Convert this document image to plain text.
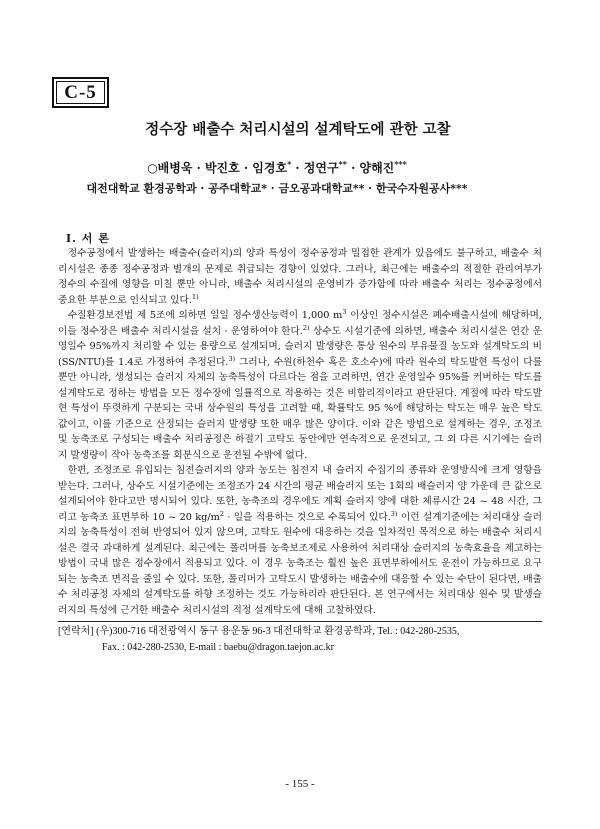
C-5
정수장 배출수 처리시설의 설계탁도에 관한 고찰
○배병욱 · 박진호 · 임경호* · 정연구** · 양해진***
대전대학교 환경공학과 · 공주대학교* · 금오공과대학교** · 한국수자원공사***
Ⅰ. 서 론

정수공정에서 발생하는 배출수(슬러지)의 양과 특성이 정수공정과 밀접한 관계가 있음에도 불구하고, 배출수 처리시설은 종종 정수공정과 별개의 문제로 취급되는 경향이 있었다. 그러나, 최근에는 배출수의 적절한 관리여부가 정수의 수질에 영향을 미칠 뿐만 아니라, 배출수 처리시설의 운영비가 증가함에 따라 배출수 처리는 정수공정에서 중요한 부분으로 인식되고 있다.$^{1)}$

수질환경보전법 제 5조에 의하면 일일 정수생산능력이 1,000 $m^3$ 이상인 정수시설은 폐수배출시설에 해당하며, 이들 정수장은 배출수 처리시설을 설치 · 운영하여야 한다.$^{2)}$ 상수도 시설기준에 의하면, 배출수 처리시설은 연간 운영일수 95%까지 처리할 수 있는 용량으로 설계되며, 슬러지 발생량은 통상 원수의 부유물질 농도와 설계탁도의 비(SS/NTU)를 1.4로 가정하여 추정된다.$^{3)}$ 그러나, 수원(하천수 혹은 호소수)에 따라 원수의 탁도발현 특성이 다를 뿐만 아니라, 생성되는 슬러지 자체의 농축특성이 다르다는 점을 고려하면, 연간 운영일수 95%를 커버하는 탁도를 설계탁도로 정하는 방법을 모든 정수장에 일률적으로 적용하는 것은 비합리적이라고 판단된다. 계절에 따라 탁도발현 특성이 뚜렷하게 구분되는 국내 상수원의 특성을 고려할 때, 확률탁도 95 %에 해당하는 탁도는 매우 높은 탁도 값이고, 이를 기준으로 산정되는 슬러지 발생량 또한 매우 많은 양이다. 이와 같은 방법으로 설계하는 경우, 조정조 및 농축조로 구성되는 배출수 처리공정은 하절기 고탁도 동안에만 연속적으로 운전되고, 그 외 다른 시기에는 슬러지 발생량이 작아 농축조를 회분식으로 운전될 수밖에 없다.

한편, 조정조로 유입되는 침전슬러지의 양과 농도는 침전지 내 슬러지 수집기의 종류와 운영방식에 크게 영향을 받는다. 그러나, 상수도 시설기준에는 조정조가 24 시간의 평균 배슬러지 또는 1회의 배슬러지 양 가운데 큰 값으로 설계되어야 한다고만 명시되어 있다. 또한, 농축조의 경우에도 계획 슬러지 양에 대한 체류시간 24 ~ 48 시간, 그리고 농축조 표면부하 10 ~ 20 $kg/m^2$ · 일을 적용하는 것으로 수록되어 있다.$^{3)}$ 이런 설계기준에는 처리대상 슬러지의 농축특성이 전혀 반영되어 있지 않으며, 고탁도 원수에 대응하는 것을 일차적인 목적으로 하는 배출수 처리시설은 결국 과대하게 설계된다. 최근에는 폴리머를 농축보조제로 사용하여 처리대상 슬러지의 농축효율을 제고하는 방법이 국내 많은 정수장에서 적용되고 있다. 이 경우 농축조는 훨씬 높은 표면부하에서도 운전이 가능하므로 요구되는 농축조 면적을 줄일 수 있다. 또한, 폴리머가 고탁도시 발생하는 배출수에 대응할 수 있는 수단이 된다면, 배출수 처리공정 자체의 설계탁도를 하향 조정하는 것도 가능하리라 판단된다. 본 연구에서는 처리대상 원수 및 발생슬러지의 특성에 근거한 배출수 처리시설의 적정 설계탁도에 대해 고찰하였다.

[연락처] (우)300-716 대전광역시 동구 용운동 96-3 대전대학교 환경공학과, Tel. : 042-280-2535,
Fax. : 042-280-2530, E-mail : baebu@dragon.taejon.ac.kr
- 155 -
